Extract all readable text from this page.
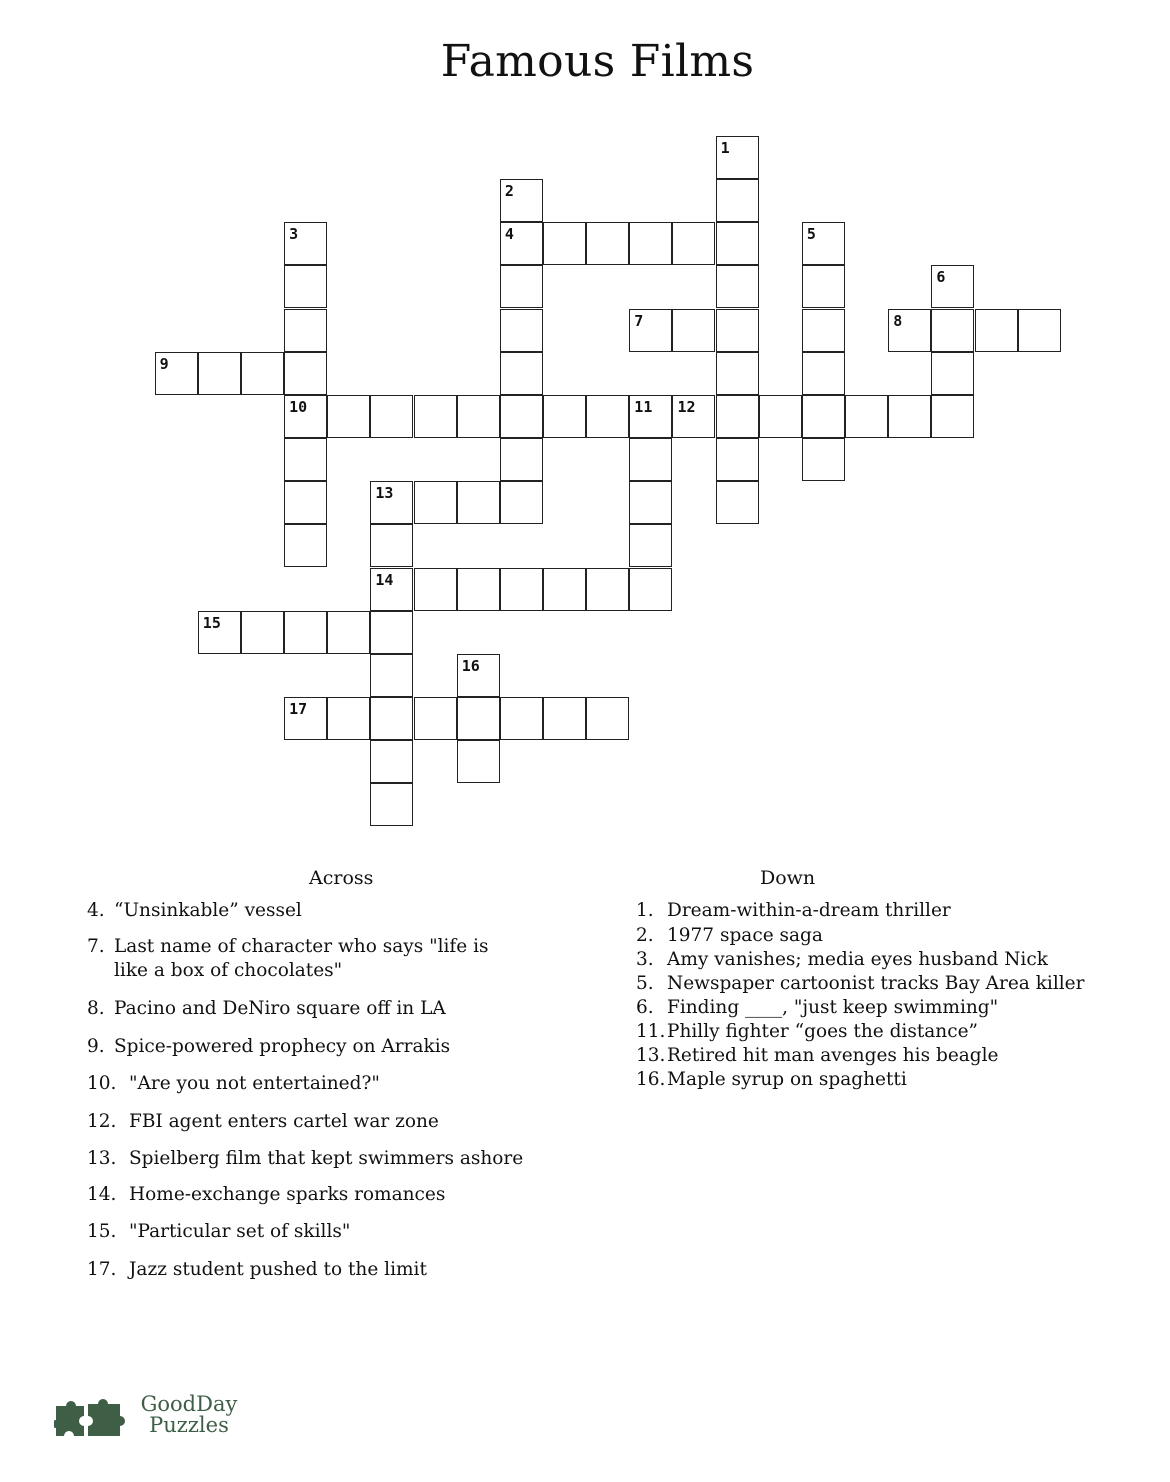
Famous Films
1
2
4
3
10
5
6
7	8
9
11 12
13
14
15
16
17
Across	Down
4. “Unsinkable” vessel
7. Last name of character who says "life is
like a box of chocolates"
8. Pacino and DeNiro square off in LA
9. Spice-powered prophecy on Arrakis
10. "Are you not entertained?"
12. FBI agent enters cartel war zone
13. Spielberg film that kept swimmers ashore
14. Home-exchange sparks romances
15. "Particular set of skills"
17. Jazz student pushed to the limit
1. Dream-within-a-dream thriller
2. 1977 space saga
3. Amy vanishes; media eyes husband Nick
5. Newspaper cartoonist tracks Bay Area killer
6. Finding ____, "just keep swimming"
11. Philly fighter “goes the distance”
13. Retired hit man avenges his beagle
16. Maple syrup on spaghetti
GoodDay
Puzzles
